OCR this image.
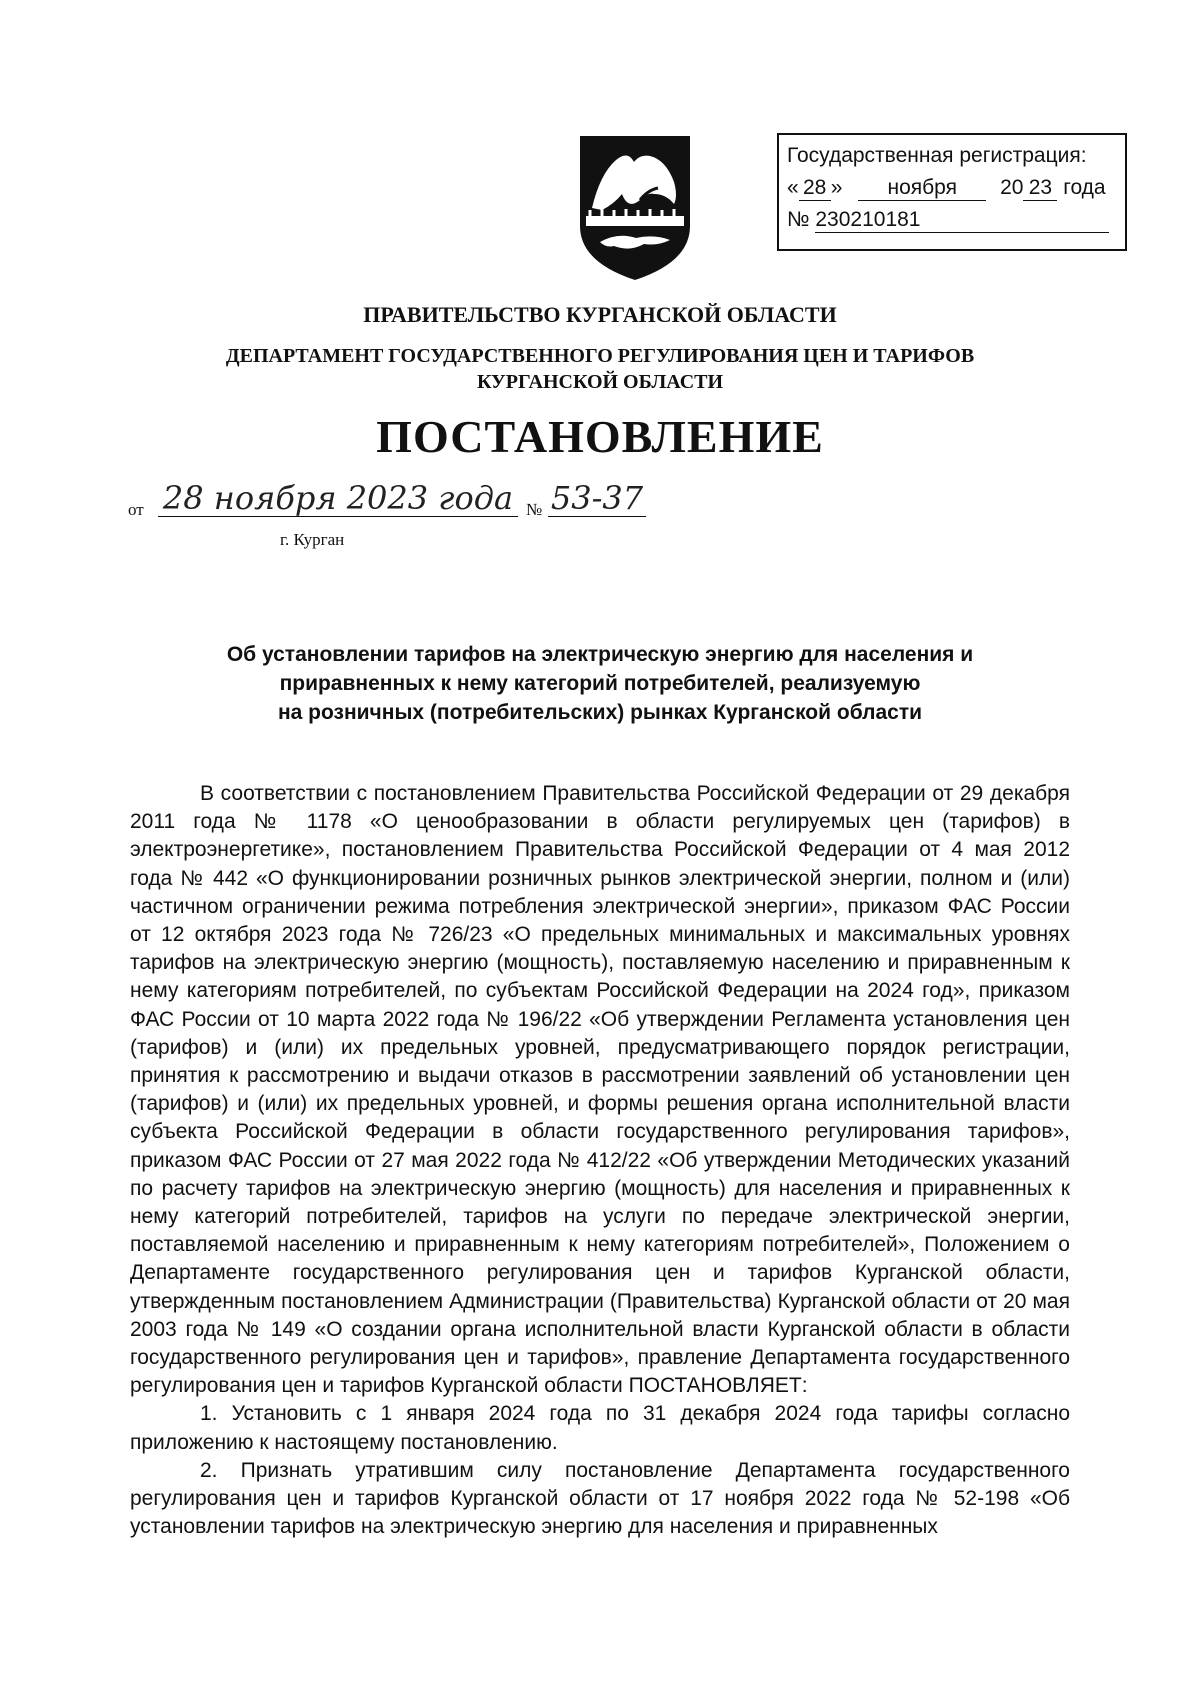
Государственная регистрация:
« 28 » ноября 20 23 года
№ 230210181
ПРАВИТЕЛЬСТВО КУРГАНСКОЙ ОБЛАСТИ
ДЕПАРТАМЕНТ ГОСУДАРСТВЕННОГО РЕГУЛИРОВАНИЯ ЦЕН И ТАРИФОВ
КУРГАНСКОЙ ОБЛАСТИ
ПОСТАНОВЛЕНИЕ
от 28 ноября 2023 года № 53-37
г. Курган
Об установлении тарифов на электрическую энергию для населения и
приравненных к нему категорий потребителей, реализуемую
на розничных (потребительских) рынках Курганской области

В соответствии с постановлением Правительства Российской Федерации от 29 декабря 2011 года № 1178 «О ценообразовании в области регулируемых цен (тарифов) в электроэнергетике», постановлением Правительства Российской Федерации от 4 мая 2012 года № 442 «О функционировании розничных рынков электрической энергии, полном и (или) частичном ограничении режима потребления электрической энергии», приказом ФАС России от 12 октября 2023 года № 726/23 «О предельных минимальных и максимальных уровнях тарифов на электрическую энергию (мощность), поставляемую населению и приравненным к нему категориям потребителей, по субъектам Российской Федерации на 2024 год», приказом ФАС России от 10 марта 2022 года № 196/22 «Об утверждении Регламента установления цен (тарифов) и (или) их предельных уровней, предусматривающего порядок регистрации, принятия к рассмотрению и выдачи отказов в рассмотрении заявлений об установлении цен (тарифов) и (или) их предельных уровней, и формы решения органа исполнительной власти субъекта Российской Федерации в области государственного регулирования тарифов», приказом ФАС России от 27 мая 2022 года № 412/22 «Об утверждении Методических указаний по расчету тарифов на электрическую энергию (мощность) для населения и приравненных к нему категорий потребителей, тарифов на услуги по передаче электрической энергии, поставляемой населению и приравненным к нему категориям потребителей», Положением о Департаменте государственного регулирования цен и тарифов Курганской области, утвержденным постановлением Администрации (Правительства) Курганской области от 20 мая 2003 года № 149 «О создании органа исполнительной власти Курганской области в области государственного регулирования цен и тарифов», правление Департамента государственного регулирования цен и тарифов Курганской области ПОСТАНОВЛЯЕТ:

1. Установить с 1 января 2024 года по 31 декабря 2024 года тарифы согласно приложению к настоящему постановлению.

2. Признать утратившим силу постановление Департамента государственного регулирования цен и тарифов Курганской области от 17 ноября 2022 года № 52-198 «Об установлении тарифов на электрическую энергию для населения и приравненных
